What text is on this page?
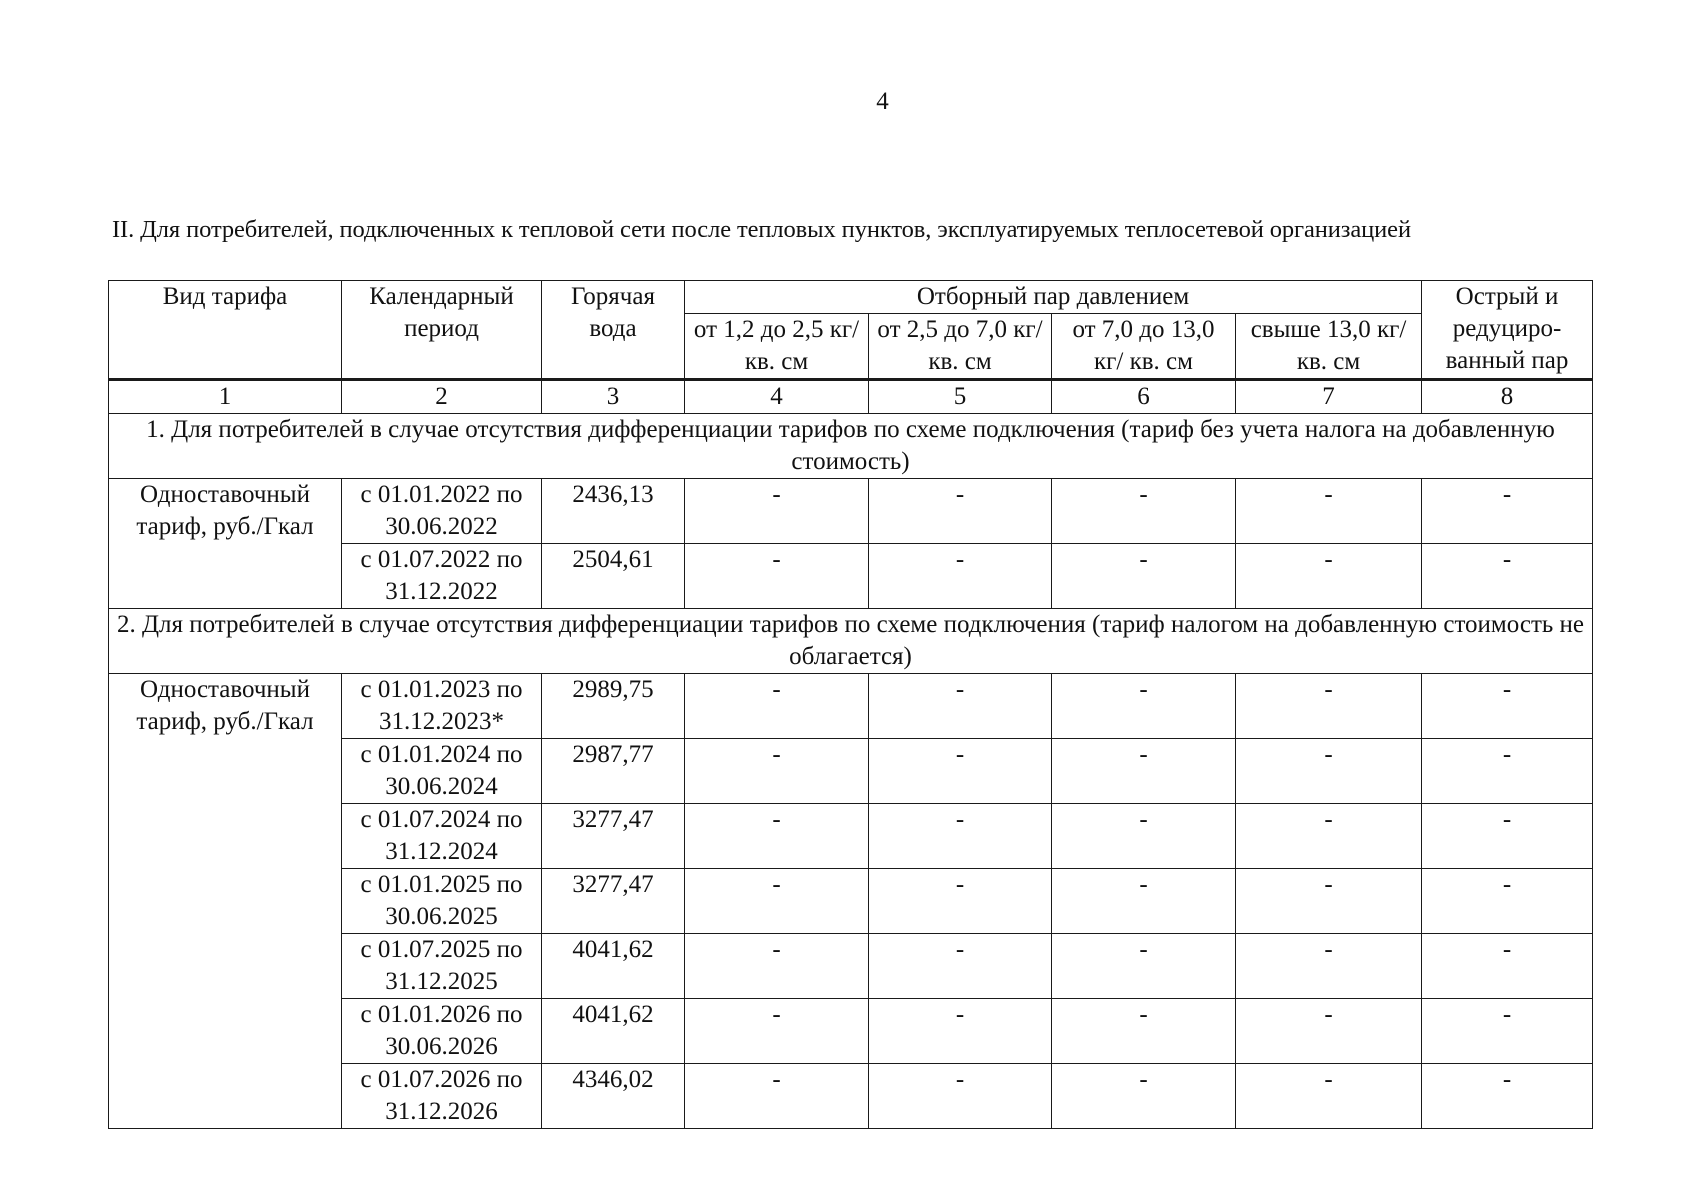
4
II. Для потребителей, подключенных к тепловой сети после тепловых пунктов, эксплуатируемых теплосетевой организацией
Вид тарифа	Календарный период	Горячая вода	Отборный пар давлением				Острый и редуциро-ванный пар
			от 1,2 до 2,5 кг/ кв. см	от 2,5 до 7,0 кг/ кв. см	от 7,0 до 13,0 кг/ кв. см	свыше 13,0 кг/ кв. см	
1	2	3	4	5	6	7	8
1. Для потребителей в случае отсутствия дифференциации тарифов по схеме подключения (тариф без учета налога на добавленную стоимость)							
Одноставочный тариф, руб./Гкал	с 01.01.2022 по 30.06.2022	2436,13	-	-	-	-	-
	с 01.07.2022 по 31.12.2022	2504,61	-	-	-	-	-
2. Для потребителей в случае отсутствия дифференциации тарифов по схеме подключения (тариф налогом на добавленную стоимость не облагается)							
Одноставочный тариф, руб./Гкал	с 01.01.2023 по 31.12.2023*	2989,75	-	-	-	-	-
	с 01.01.2024 по 30.06.2024	2987,77	-	-	-	-	-
	с 01.07.2024 по 31.12.2024	3277,47	-	-	-	-	-
	с 01.01.2025 по 30.06.2025	3277,47	-	-	-	-	-
	с 01.07.2025 по 31.12.2025	4041,62	-	-	-	-	-
	с 01.01.2026 по 30.06.2026	4041,62	-	-	-	-	-
	с 01.07.2026 по 31.12.2026	4346,02	-	-	-	-	-
